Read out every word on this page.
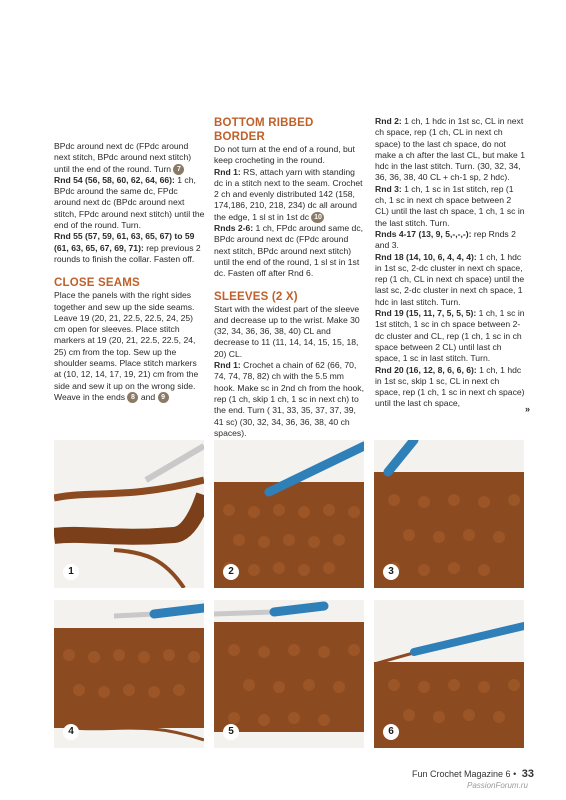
BPdc around next dc (FPdc around next stitch, BPdc around next stitch) until the end of the round. Turn 7

Rnd 54 (56, 58, 60, 62, 64, 66): 1 ch, BPdc around the same dc, FPdc around next dc (BPdc around next stitch, FPdc around next stitch) until the end of the round. Turn.

Rnd 55 (57, 59, 61, 63, 65, 67) to 59 (61, 63, 65, 67, 69, 71): rep previous 2 rounds to finish the collar. Fasten off.

CLOSE SEAMS

Place the panels with the right sides together and sew up the side seams. Leave 19 (20, 21, 22.5, 22.5, 24, 25) cm open for sleeves. Place stitch markers at 19 (20, 21, 22.5, 22.5, 24, 25) cm from the top. Sew up the shoulder seams. Place stitch markers at (10, 12, 14, 17, 19, 21) cm from the side and sew it up on the wrong side. Weave in the ends 8 and 9

BOTTOM RIBBED BORDER

Do not turn at the end of a round, but keep crocheting in the round.

Rnd 1: RS, attach yarn with standing dc in a stitch next to the seam. Crochet 2 ch and evenly distributed 142 (158, 174,186, 210, 218, 234) dc all around the edge, 1 sl st in 1st dc 10

Rnds 2-6: 1 ch, FPdc around same dc, BPdc around next dc (FPdc around next stitch, BPdc around next stitch) until the end of the round, 1 sl st in 1st dc. Fasten off after Rnd 6.

SLEEVES (2 X)

Start with the widest part of the sleeve and decrease up to the wrist. Make 30 (32, 34, 36, 36, 38, 40) CL and decrease to 11 (11, 14, 14, 15, 15, 18, 20) CL.

Rnd 1: Crochet a chain of 62 (66, 70, 74, 74, 78, 82) ch with the 5.5 mm hook. Make sc in 2nd ch from the hook, rep (1 ch, skip 1 ch, 1 sc in next ch) to the end. Turn ( 31, 33, 35, 37, 37, 39, 41 sc) (30, 32, 34, 36, 36, 38, 40 ch spaces).

Rnd 2: 1 ch, 1 hdc in 1st sc, CL in next ch space, rep (1 ch, CL in next ch space) to the last ch space, do not make a ch after the last CL, but make 1 hdc in the last stitch. Turn. (30, 32, 34, 36, 36, 38, 40 CL + ch-1 sp, 2 hdc).

Rnd 3: 1 ch, 1 sc in 1st stitch, rep (1 ch, 1 sc in next ch space between 2 CL) until the last ch space, 1 ch, 1 sc in the last stitch. Turn.

Rnds 4-17 (13, 9, 5,-,-,-): rep Rnds 2 and 3.

Rnd 18 (14, 10, 6, 4, 4, 4): 1 ch, 1 hdc in 1st sc, 2-dc cluster in next ch space, rep (1 ch, CL in next ch space) until the last sc, 2-dc cluster in next ch space, 1 hdc in last stitch. Turn.

Rnd 19 (15, 11, 7, 5, 5, 5): 1 ch, 1 sc in 1st stitch, 1 sc in ch space between 2-dc cluster and CL, rep (1 ch, 1 sc in ch space between 2 CL) until last ch space, 1 sc in last stitch. Turn.

Rnd 20 (16, 12, 8, 6, 6, 6): 1 ch, 1 hdc in 1st sc, skip 1 sc, CL in next ch space, rep (1 ch, 1 sc in next ch space) until the last ch space,

»
1	2	3
4	5	6
Fun Crochet Magazine 6 • 33
PassionForum.ru
